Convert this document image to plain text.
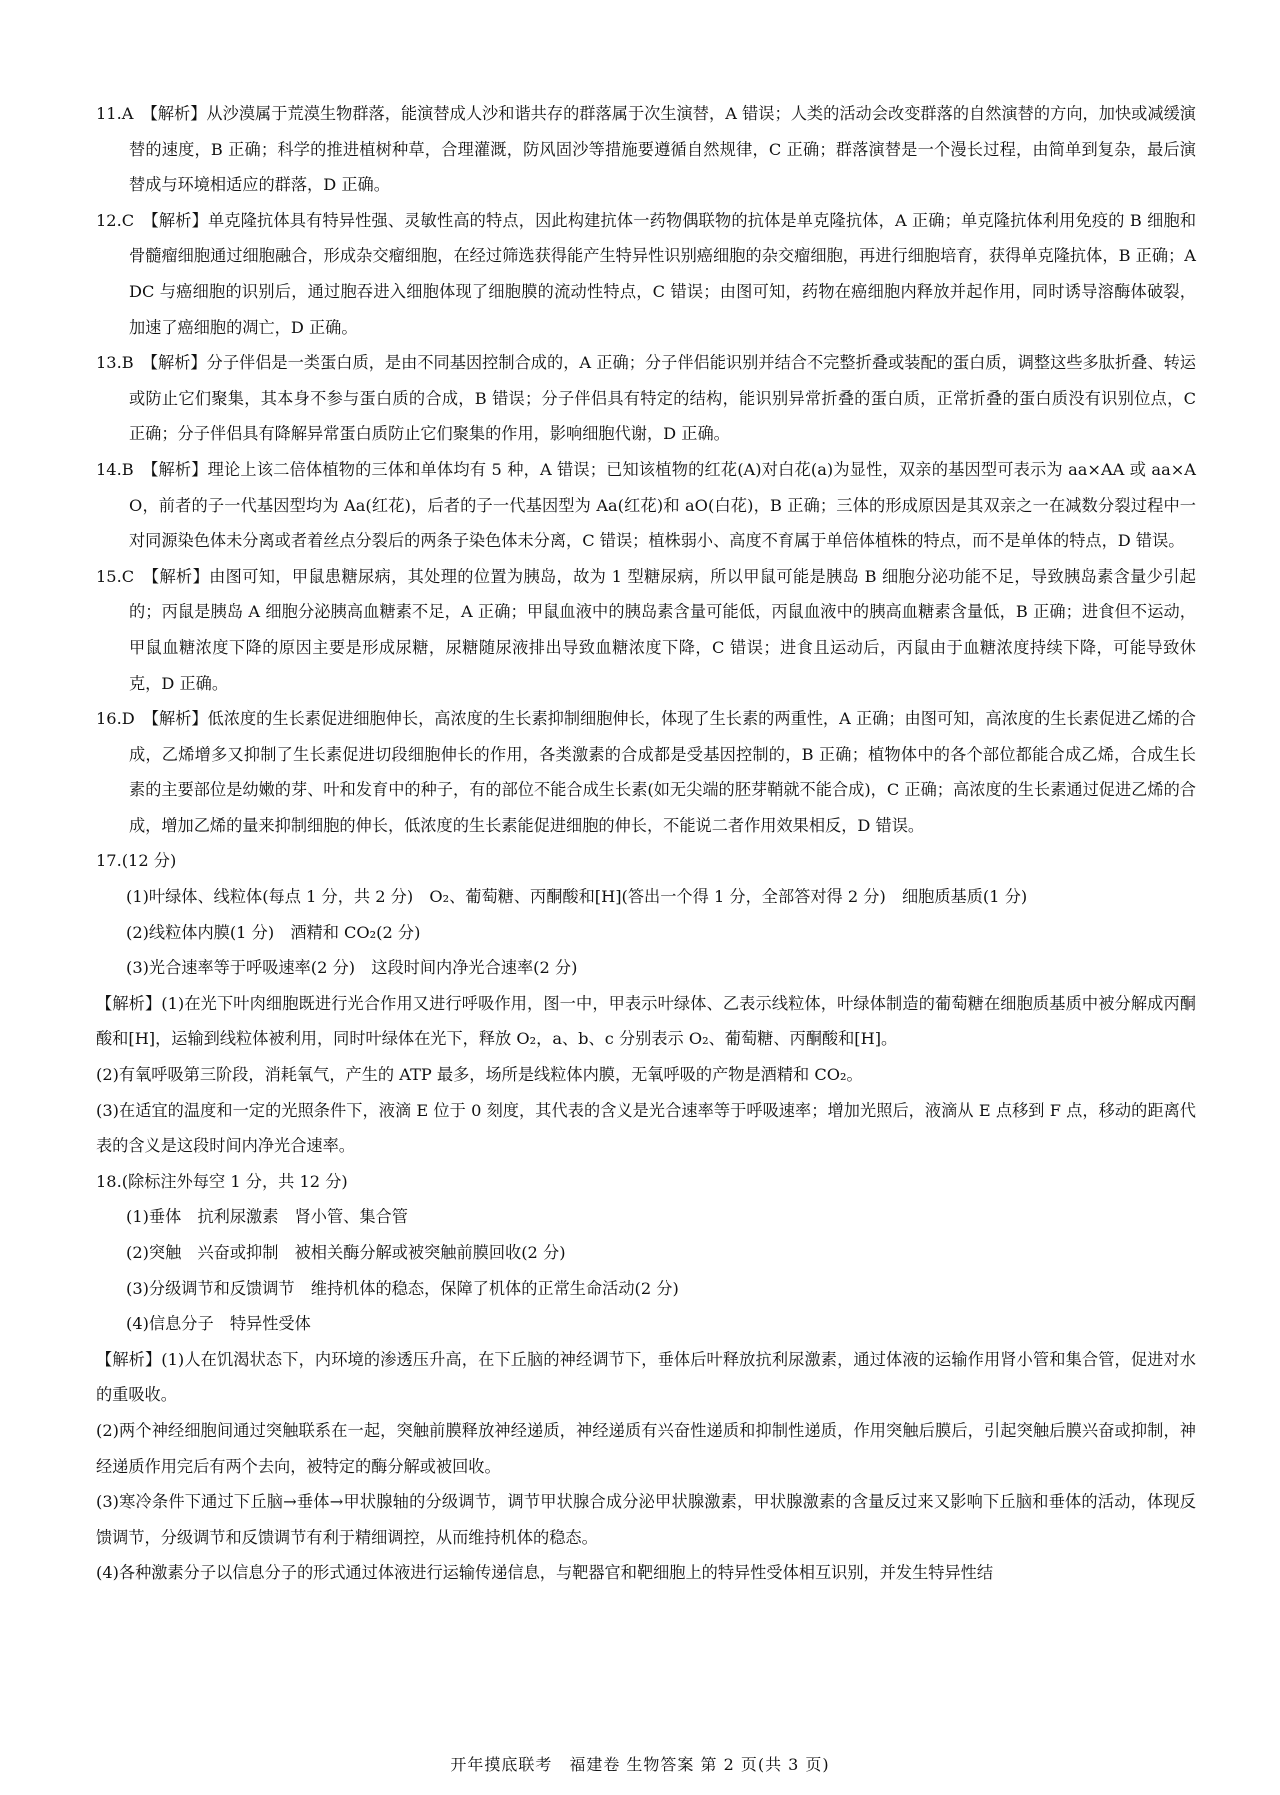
11.A　【解析】从沙漠属于荒漠生物群落，能演替成人沙和谐共存的群落属于次生演替，A 错误；人类的活动会改变群落的自然演替的方向，加快或减缓演替的速度，B 正确；科学的推进植树种草，合理灌溉，防风固沙等措施要遵循自然规律，C 正确；群落演替是一个漫长过程，由简单到复杂，最后演替成与环境相适应的群落，D 正确。

12.C　【解析】单克隆抗体具有特异性强、灵敏性高的特点，因此构建抗体一药物偶联物的抗体是单克隆抗体，A 正确；单克隆抗体利用免疫的 B 细胞和骨髓瘤细胞通过细胞融合，形成杂交瘤细胞，在经过筛选获得能产生特异性识别癌细胞的杂交瘤细胞，再进行细胞培育，获得单克隆抗体，B 正确；ADC 与癌细胞的识别后，通过胞吞进入细胞体现了细胞膜的流动性特点，C 错误；由图可知，药物在癌细胞内释放并起作用，同时诱导溶酶体破裂，加速了癌细胞的凋亡，D 正确。

13.B　【解析】分子伴侣是一类蛋白质，是由不同基因控制合成的，A 正确；分子伴侣能识别并结合不完整折叠或装配的蛋白质，调整这些多肽折叠、转运或防止它们聚集，其本身不参与蛋白质的合成，B 错误；分子伴侣具有特定的结构，能识别异常折叠的蛋白质，正常折叠的蛋白质没有识别位点，C 正确；分子伴侣具有降解异常蛋白质防止它们聚集的作用，影响细胞代谢，D 正确。

14.B　【解析】理论上该二倍体植物的三体和单体均有 5 种，A 错误；已知该植物的红花(A)对白花(a)为显性，双亲的基因型可表示为 aa×AA 或 aa×AO，前者的子一代基因型均为 Aa(红花)，后者的子一代基因型为 Aa(红花)和 aO(白花)，B 正确；三体的形成原因是其双亲之一在减数分裂过程中一对同源染色体未分离或者着丝点分裂后的两条子染色体未分离，C 错误；植株弱小、高度不育属于单倍体植株的特点，而不是单体的特点，D 错误。

15.C　【解析】由图可知，甲鼠患糖尿病，其处理的位置为胰岛，故为 1 型糖尿病，所以甲鼠可能是胰岛 B 细胞分泌功能不足，导致胰岛素含量少引起的；丙鼠是胰岛 A 细胞分泌胰高血糖素不足，A 正确；甲鼠血液中的胰岛素含量可能低，丙鼠血液中的胰高血糖素含量低，B 正确；进食但不运动，甲鼠血糖浓度下降的原因主要是形成尿糖，尿糖随尿液排出导致血糖浓度下降，C 错误；进食且运动后，丙鼠由于血糖浓度持续下降，可能导致休克，D 正确。

16.D　【解析】低浓度的生长素促进细胞伸长，高浓度的生长素抑制细胞伸长，体现了生长素的两重性，A 正确；由图可知，高浓度的生长素促进乙烯的合成，乙烯增多又抑制了生长素促进切段细胞伸长的作用，各类激素的合成都是受基因控制的，B 正确；植物体中的各个部位都能合成乙烯，合成生长素的主要部位是幼嫩的芽、叶和发育中的种子，有的部位不能合成生长素(如无尖端的胚芽鞘就不能合成)，C 正确；高浓度的生长素通过促进乙烯的合成，增加乙烯的量来抑制细胞的伸长，低浓度的生长素能促进细胞的伸长，不能说二者作用效果相反，D 错误。

17.(12 分)

(1)叶绿体、线粒体(每点 1 分，共 2 分)　O₂、葡萄糖、丙酮酸和[H](答出一个得 1 分，全部答对得 2 分)　细胞质基质(1 分)

(2)线粒体内膜(1 分)　酒精和 CO₂(2 分)

(3)光合速率等于呼吸速率(2 分)　这段时间内净光合速率(2 分)

【解析】(1)在光下叶肉细胞既进行光合作用又进行呼吸作用，图一中，甲表示叶绿体、乙表示线粒体，叶绿体制造的葡萄糖在细胞质基质中被分解成丙酮酸和[H]，运输到线粒体被利用，同时叶绿体在光下，释放 O₂，a、b、c 分别表示 O₂、葡萄糖、丙酮酸和[H]。

(2)有氧呼吸第三阶段，消耗氧气，产生的 ATP 最多，场所是线粒体内膜，无氧呼吸的产物是酒精和 CO₂。

(3)在适宜的温度和一定的光照条件下，液滴 E 位于 0 刻度，其代表的含义是光合速率等于呼吸速率；增加光照后，液滴从 E 点移到 F 点，移动的距离代表的含义是这段时间内净光合速率。

18.(除标注外每空 1 分，共 12 分)

(1)垂体　抗利尿激素　肾小管、集合管

(2)突触　兴奋或抑制　被相关酶分解或被突触前膜回收(2 分)

(3)分级调节和反馈调节　维持机体的稳态，保障了机体的正常生命活动(2 分)

(4)信息分子　特异性受体

【解析】(1)人在饥渴状态下，内环境的渗透压升高，在下丘脑的神经调节下，垂体后叶释放抗利尿激素，通过体液的运输作用肾小管和集合管，促进对水的重吸收。

(2)两个神经细胞间通过突触联系在一起，突触前膜释放神经递质，神经递质有兴奋性递质和抑制性递质，作用突触后膜后，引起突触后膜兴奋或抑制，神经递质作用完后有两个去向，被特定的酶分解或被回收。

(3)寒冷条件下通过下丘脑→垂体→甲状腺轴的分级调节，调节甲状腺合成分泌甲状腺激素，甲状腺激素的含量反过来又影响下丘脑和垂体的活动，体现反馈调节，分级调节和反馈调节有利于精细调控，从而维持机体的稳态。

(4)各种激素分子以信息分子的形式通过体液进行运输传递信息，与靶器官和靶细胞上的特异性受体相互识别，并发生特异性结

开年摸底联考　福建卷 生物答案 第 2 页(共 3 页)
